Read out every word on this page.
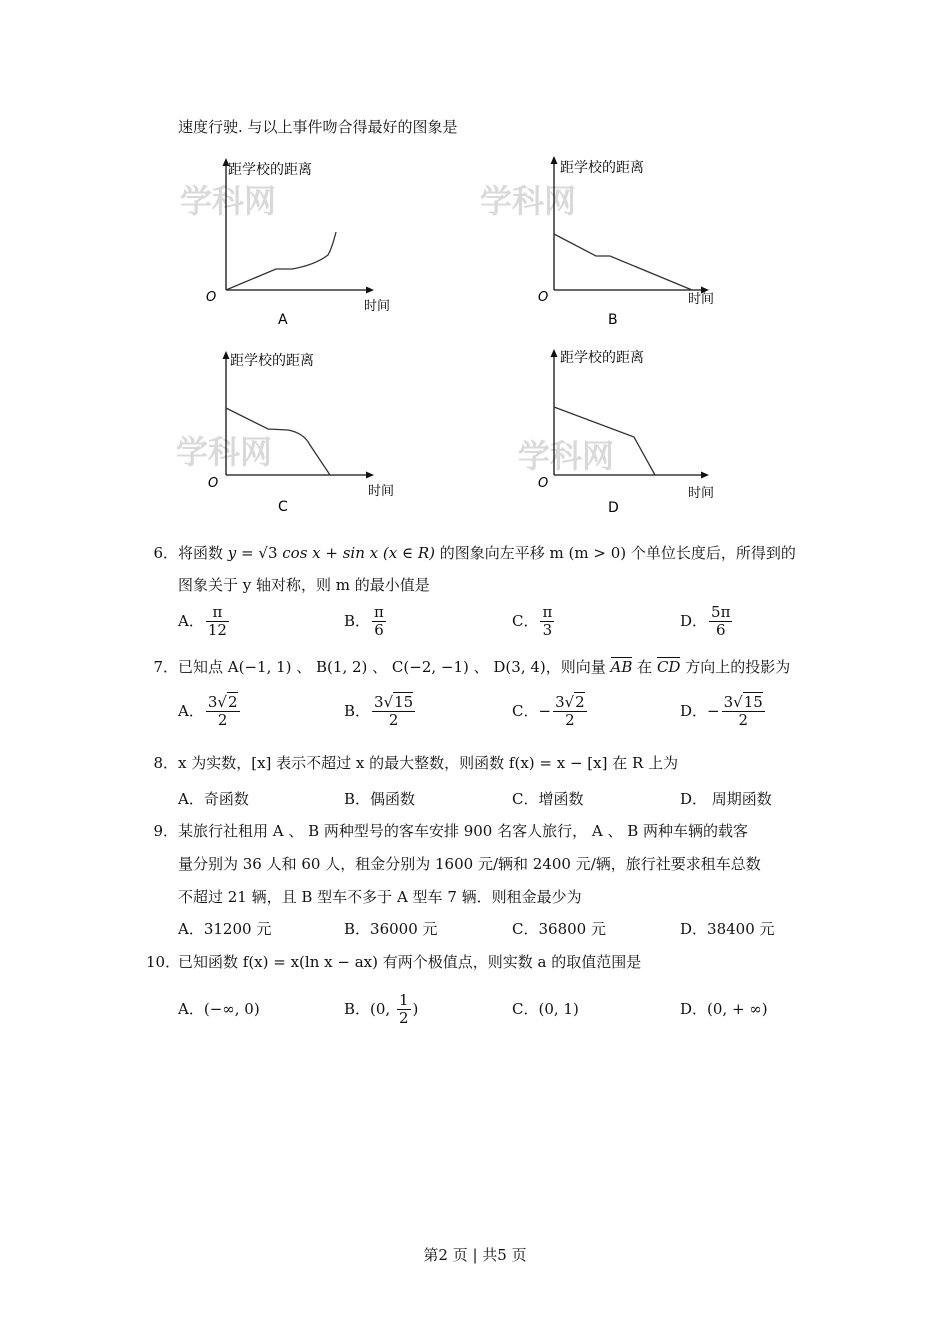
速度行驶. 与以上事件吻合得最好的图象是
学科网
距学校的距离
O
时间
A
学科网
距学校的距离
O	时间
B
学科网
距学校的距离
O
时间
C
学科网
距学校的距离
O
时间
D
6．将函数 y = √3 cos x + sin x (x ∈ R) 的图象向左平移 m (m > 0) 个单位长度后，所得到的
图象关于 y 轴对称，则 m 的最小值是
A． $\frac{\pi}{12}$	B． $\frac{\pi}{6}$	C． $\frac{\pi}{3}$	D． $\frac{5\pi}{6}$
7．已知点 A(−1, 1) 、 B(1, 2) 、 C(−2, −1) 、 D(3, 4)，则向量 AB 在 CD 方向上的投影为
A． $\frac{3√2}{2}$	B． $\frac{3√15}{2}$	C．− $\frac{3√2}{2}$	D．− $\frac{3√15}{2}$
8．x 为实数，[x] 表示不超过 x 的最大整数，则函数 f(x) = x − [x] 在 R 上为
A．奇函数	B．偶函数	C．增函数	D． 周期函数
9．某旅行社租用 A 、 B 两种型号的客车安排 900 名客人旅行， A 、 B 两种车辆的载客
量分别为 36 人和 60 人，租金分别为 1600 元/辆和 2400 元/辆，旅行社要求租车总数
不超过 21 辆，且 B 型车不多于 A 型车 7 辆．则租金最少为
A．31200 元	B．36000 元	C．36800 元	D．38400 元
10．已知函数 f(x) = x(ln x − ax) 有两个极值点，则实数 a 的取值范围是
A．(−∞, 0)	B．(0, $\frac{1}{2}$ )	C．(0, 1)	D．(0, + ∞)
第2 页 | 共5 页
